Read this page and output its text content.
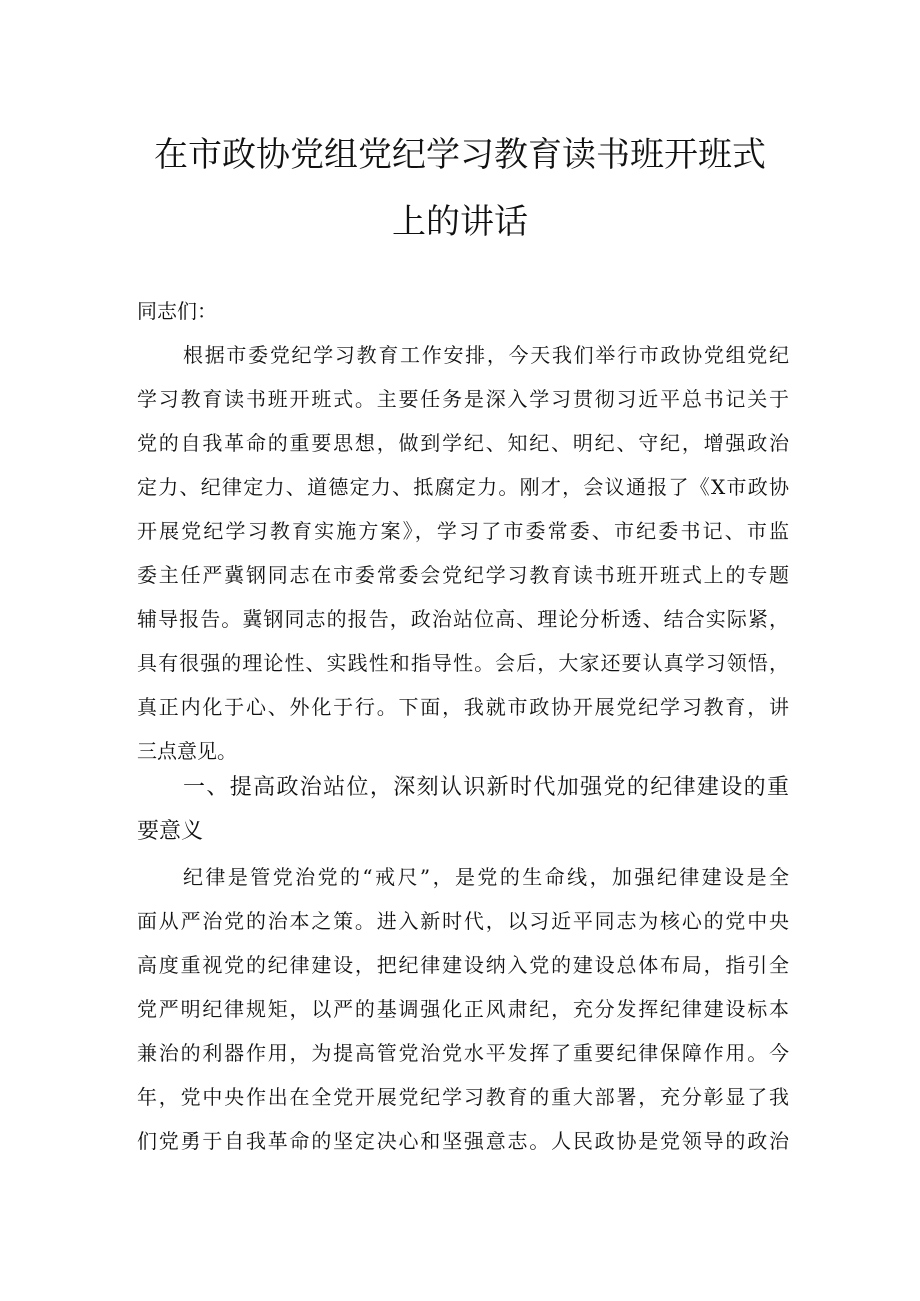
在市政协党组党纪学习教育读书班开班式
上的讲话
同志们：
根据市委党纪学习教育工作安排，今天我们举行市政协党组党纪
学习教育读书班开班式。主要任务是深入学习贯彻习近平总书记关于
党的自我革命的重要思想，做到学纪、知纪、明纪、守纪，增强政治
定力、纪律定力、道德定力、抵腐定力。刚才，会议通报了《X市政协
开展党纪学习教育实施方案》，学习了市委常委、市纪委书记、市监
委主任严冀钢同志在市委常委会党纪学习教育读书班开班式上的专题
辅导报告。冀钢同志的报告，政治站位高、理论分析透、结合实际紧，
具有很强的理论性、实践性和指导性。会后，大家还要认真学习领悟，
真正内化于心、外化于行。下面，我就市政协开展党纪学习教育，讲
三点意见。
一、提高政治站位，深刻认识新时代加强党的纪律建设的重
要意义
纪律是管党治党的“戒尺”，是党的生命线，加强纪律建设是全
面从严治党的治本之策。进入新时代，以习近平同志为核心的党中央
高度重视党的纪律建设，把纪律建设纳入党的建设总体布局，指引全
党严明纪律规矩，以严的基调强化正风肃纪，充分发挥纪律建设标本
兼治的利器作用，为提高管党治党水平发挥了重要纪律保障作用。今
年，党中央作出在全党开展党纪学习教育的重大部署，充分彰显了我
们党勇于自我革命的坚定决心和坚强意志。人民政协是党领导的政治
